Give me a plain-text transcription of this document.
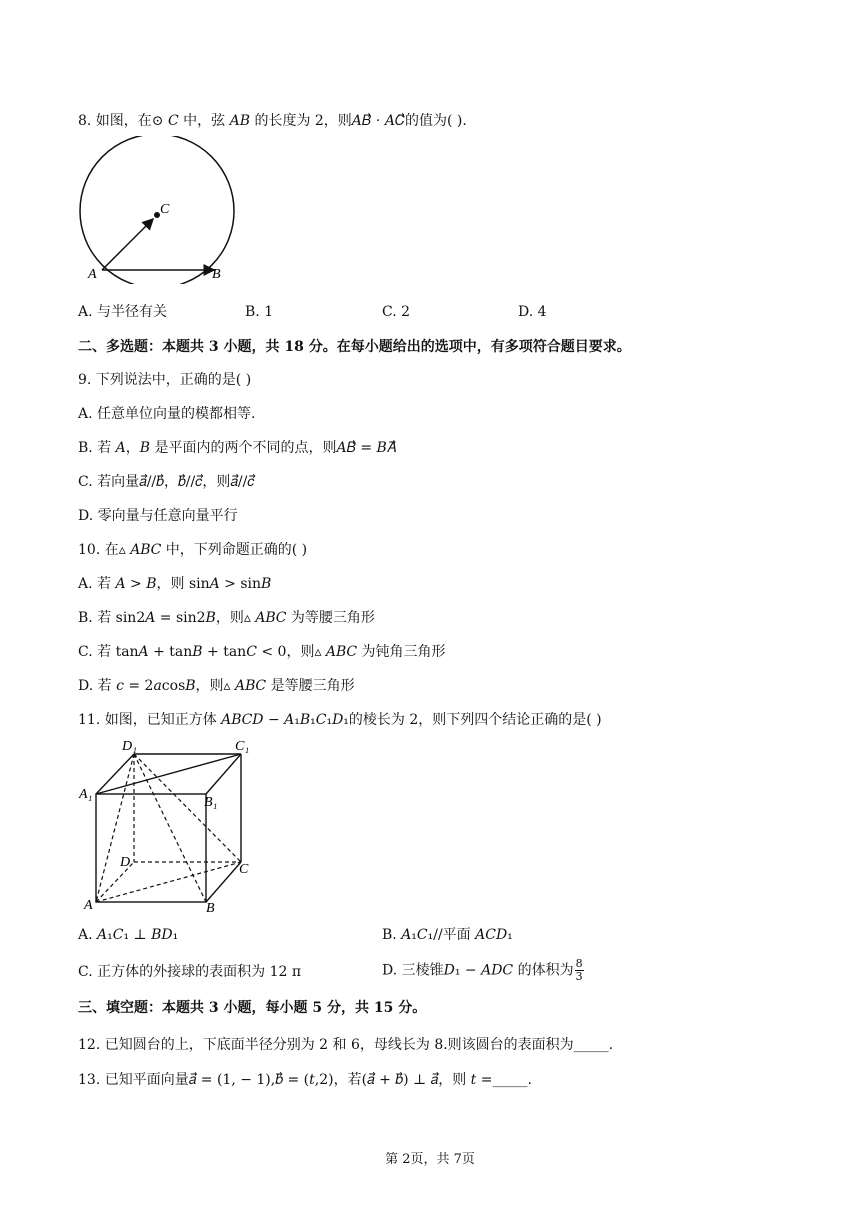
8. 如图，在⊙ 𝐶 中，弦 𝐴𝐵 的长度为 2，则𝐴𝐵⃗ ⋅ 𝐴𝐶⃗的值为( ).
C
A	B
A. 与半径有关	B. 1	C. 2	D. 4
二、多选题：本题共 3 小题，共 18 分。在每小题给出的选项中，有多项符合题目要求。
9. 下列说法中，正确的是( )
A. 任意单位向量的模都相等.
B. 若 𝐴，𝐵 是平面内的两个不同的点，则𝐴𝐵⃗ = 𝐵𝐴⃗
C. 若向量𝑎⃗//𝑏⃗，𝑏⃗//𝑐⃗，则𝑎⃗//𝑐⃗
D. 零向量与任意向量平行
10. 在▵ 𝐴𝐵𝐶 中，下列命题正确的( )
A. 若 𝐴 > 𝐵，则 sin𝐴 > sin𝐵
B. 若 sin2𝐴 = sin2𝐵，则▵ 𝐴𝐵𝐶 为等腰三角形
C. 若 tan𝐴 + tan𝐵 + tan𝐶 < 0，则▵ 𝐴𝐵𝐶 为钝角三角形
D. 若 𝑐 = 2𝑎cos𝐵，则▵ 𝐴𝐵𝐶 是等腰三角形
11. 如图，已知正方体 𝐴𝐵𝐶𝐷 − 𝐴₁𝐵₁𝐶₁𝐷₁的棱长为 2，则下列四个结论正确的是( )
D₁	C₁
A₁
B₁
D	C
A	B
A. 𝐴₁𝐶₁ ⊥ 𝐵𝐷₁	B. 𝐴₁𝐶₁//平面 𝐴𝐶𝐷₁
C. 正方体的外接球的表面积为 12 π	D. 三棱锥𝐷₁ − 𝐴𝐷𝐶 的体积为 $\frac{8}{3}$
三、填空题：本题共 3 小题，每小题 5 分，共 15 分。
12. 已知圆台的上，下底面半径分别为 2 和 6，母线长为 8.则该圆台的表面积为_____.
13. 已知平面向量𝑎⃗ = (1, − 1),𝑏⃗ = (𝑡,2)，若(𝑎⃗ + 𝑏⃗) ⊥ 𝑎⃗，则 𝑡 =_____.
第 2页，共 7页
